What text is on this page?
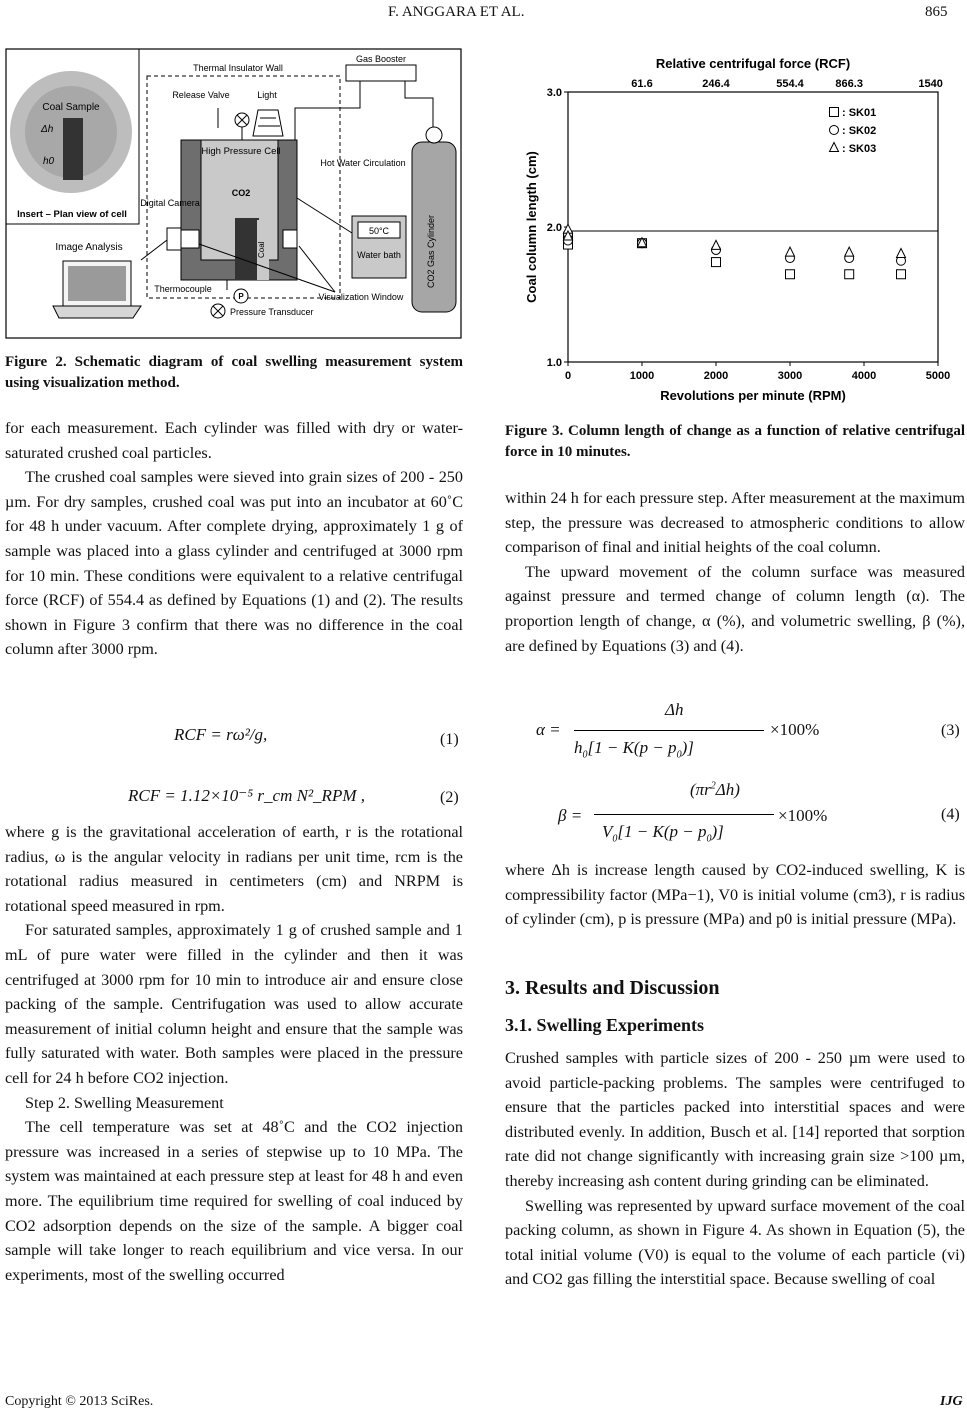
F. ANGGARA ET AL.	865
Coal Sample
Δh
h0
Insert – Plan view of cell
Image Analysis
Thermal Insulator Wall
Release Valve	Light
High Pressure Cell
CO2
Coal
Digital Camera
Thermocouple
P
Pressure Transducer
Gas Booster
Hot Water Circulation
50°C
Water bath	CO2 Gas Cylinder
Visualization Window
Figure 2. Schematic diagram of coal swelling measurement system using visualization method.
Relative centrifugal force (RCF)
61.6	246.4	554.4	866.3	1540
0	1000	2000	3000	4000	5000
1.0
2.0
3.0
Revolutions per minute (RPM)
Coal column length (cm)
: SK01
: SK02
: SK03
Figure 3. Column length of change as a function of relative centrifugal force in 10 minutes.

for each measurement. Each cylinder was filled with dry or water-saturated crushed coal particles.

The crushed coal samples were sieved into grain sizes of 200 - 250 µm. For dry samples, crushed coal was put into an incubator at 60˚C for 48 h under vacuum. After complete drying, approximately 1 g of sample was placed into a glass cylinder and centrifuged at 3000 rpm for 10 min. These conditions were equivalent to a relative centrifugal force (RCF) of 554.4 as defined by Equations (1) and (2). The results shown in Figure 3 confirm that there was no difference in the coal column after 3000 rpm.

RCF = rω²/g,	(1)
RCF = 1.12×10⁻⁵ r_cm N²_RPM ,	(2)

where g is the gravitational acceleration of earth, r is the rotational radius, ω is the angular velocity in radians per unit time, rcm is the rotational radius measured in centimeters (cm) and NRPM is rotational speed measured in rpm.

For saturated samples, approximately 1 g of crushed sample and 1 mL of pure water were filled in the cylinder and then it was centrifuged at 3000 rpm for 10 min to introduce air and ensure close packing of the sample. Centrifugation was used to allow accurate measurement of initial column height and ensure that the sample was fully saturated with water. Both samples were placed in the pressure cell for 24 h before CO2 injection.

Step 2. Swelling Measurement

The cell temperature was set at 48˚C and the CO2 injection pressure was increased in a series of stepwise up to 10 MPa. The system was maintained at each pressure step at least for 48 h and even more. The equilibrium time required for swelling of coal induced by CO2 adsorption depends on the size of the sample. A bigger coal sample will take longer to reach equilibrium and vice versa. In our experiments, most of the swelling occurred

within 24 h for each pressure step. After measurement at the maximum step, the pressure was decreased to atmospheric conditions to allow comparison of final and initial heights of the coal column.

The upward movement of the column surface was measured against pressure and termed change of column length (α). The proportion length of change, α (%), and volumetric swelling, β (%), are defined by Equations (3) and (4).

α =
Δh
$h_0[1 - K(p - p_0)]$
×100%	(3)
β =
$(\pi r^2\Delta h)$
$V_0[1 - K(p - p_0)]$
×100%	(4)

where Δh is increase length caused by CO2-induced swelling, K is compressibility factor (MPa−1), V0 is initial volume (cm3), r is radius of cylinder (cm), p is pressure (MPa) and p0 is initial pressure (MPa).

3. Results and Discussion
3.1. Swelling Experiments

Crushed samples with particle sizes of 200 - 250 µm were used to avoid particle-packing problems. The samples were centrifuged to ensure that the particles packed into interstitial spaces and were distributed evenly. In addition, Busch et al. [14] reported that sorption rate did not change significantly with increasing grain size >100 µm, thereby increasing ash content during grinding can be eliminated.

Swelling was represented by upward surface movement of the coal packing column, as shown in Figure 4. As shown in Equation (5), the total initial volume (V0) is equal to the volume of each particle (vi) and CO2 gas filling the interstitial space. Because swelling of coal

Copyright © 2013 SciRes.	IJG
